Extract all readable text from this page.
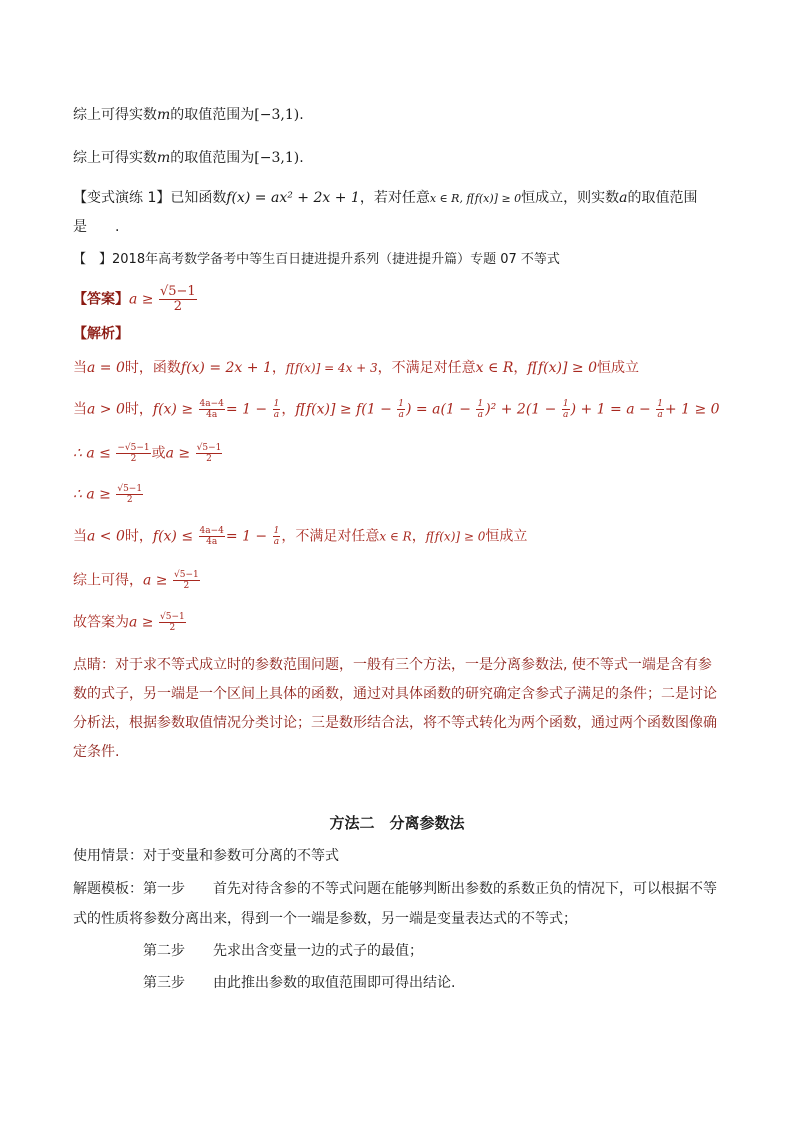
综上可得实数m的取值范围为[−3,1).
综上可得实数m的取值范围为[−3,1).
【变式演练 1】已知函数f(x) = ax² + 2x + 1，若对任意x ∈ R, f[f(x)] ≥ 0恒成立，则实数a的取值范围
是　　.
【　】2018年高考数学备考中等生百日捷进提升系列（捷进提升篇）专题 07 不等式
【答案】$a \ge \frac{√5-1}{2}$
【解析】
当a = 0时，函数f(x) = 2x + 1，f[f(x)] = 4x + 3，不满足对任意x ∈ R，f[f(x)] ≥ 0恒成立
当a > 0时，$f(x) \ge \frac{4a-4}{4a} = 1 - \frac{1}{a}$ ，$f[f(x)] \ge f(1 - \frac{1}{a}$ ) = $a(1 - \frac{1}{a} )^2 + 2(1 - \frac{1}{a}$ ) + $1 = a - \frac{1}{a} + 1 \ge 0$
∴ $a \le \frac{-√5-1}{2}$ 或$a \ge \frac{√5-1}{2}$
∴ $a \ge \frac{√5-1}{2}$
当a < 0时，$f(x) \le \frac{4a-4}{4a} = 1 - \frac{1}{a}$ ，不满足对任意x ∈ R，f[f(x)] ≥ 0恒成立
综上可得，$a \ge \frac{√5-1}{2}$
故答案为$a \ge \frac{√5-1}{2}$
点睛：对于求不等式成立时的参数范围问题，一般有三个方法，一是分离参数法, 使不等式一端是含有参数的式子，另一端是一个区间上具体的函数，通过对具体函数的研究确定含参式子满足的条件；二是讨论分析法，根据参数取值情况分类讨论；三是数形结合法，将不等式转化为两个函数，通过两个函数图像确定条件.
方法二　分离参数法
使用情景：对于变量和参数可分离的不等式
解题模板：第一步　　首先对待含参的不等式问题在能够判断出参数的系数正负的情况下，可以根据不等式的性质将参数分离出来，得到一个一端是参数，另一端是变量表达式的不等式；
第二步　　先求出含变量一边的式子的最值；
第三步　　由此推出参数的取值范围即可得出结论.
